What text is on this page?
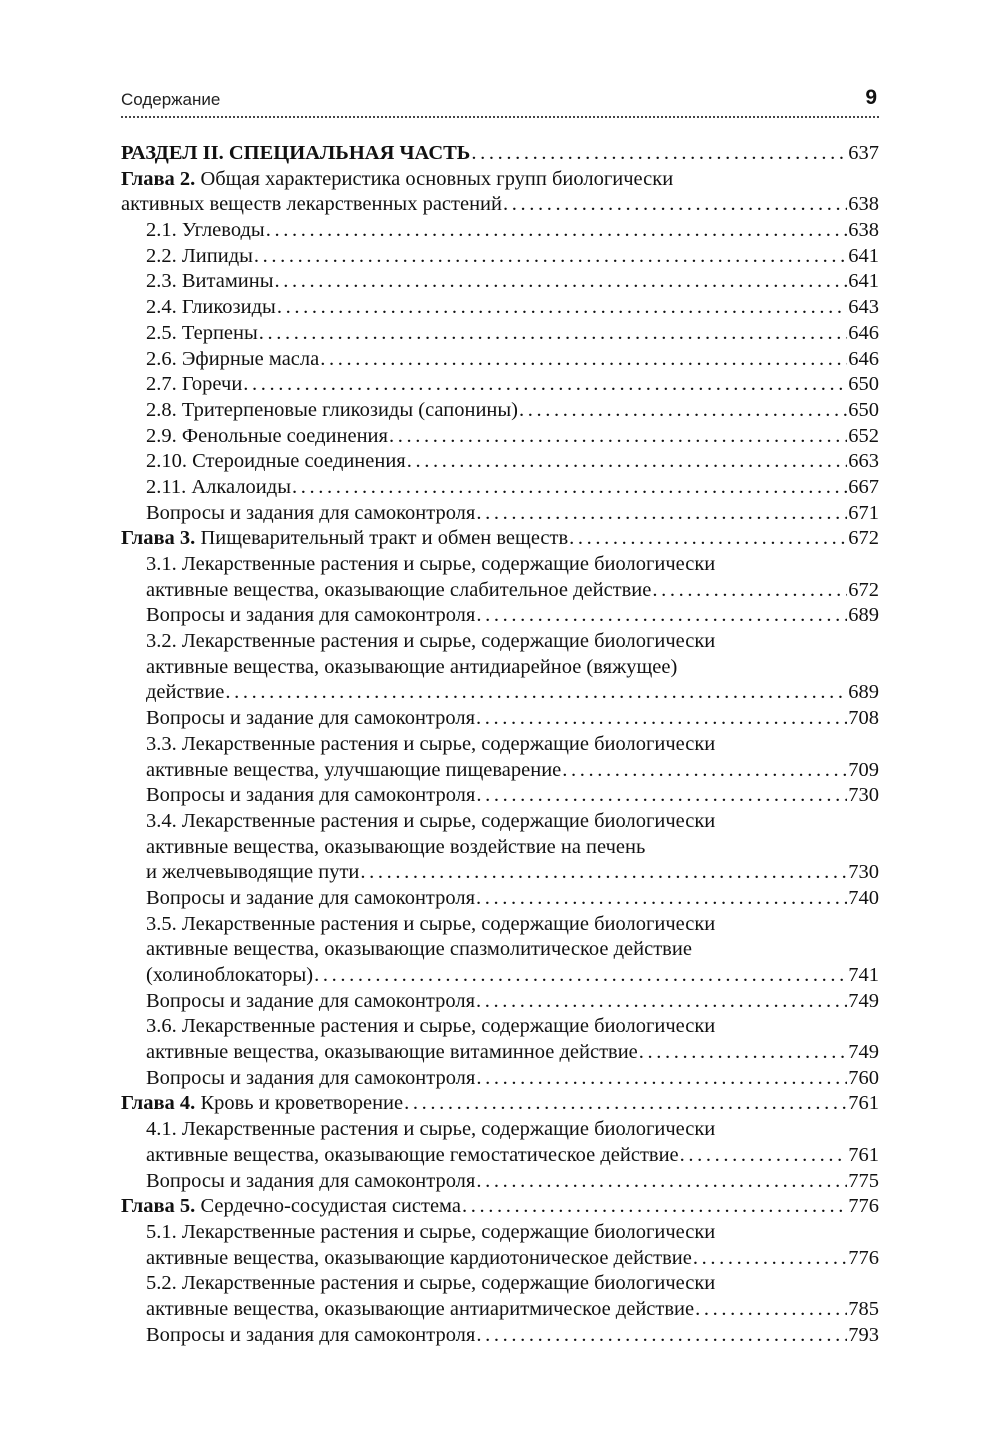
Содержание	9
РАЗДЕЛ II. СПЕЦИАЛЬНАЯ ЧАСТЬ . . .	637
Глава 2. Общая характеристика основных групп биологически
активных веществ лекарственных растений . . .	638
2.1. Углеводы . . .	638
2.2. Липиды . . .	641
2.3. Витамины . . .	641
2.4. Гликозиды . . .	643
2.5. Терпены . . .	646
2.6. Эфирные масла . . .	646
2.7. Горечи . . .	650
2.8. Тритерпеновые гликозиды (сапонины) . . .	650
2.9. Фенольные соединения . . .	652
2.10. Стероидные соединения . . .	663
2.11. Алкалоиды . . .	667
Вопросы и задания для самоконтроля . . .	671
Глава 3. Пищеварительный тракт и обмен веществ . . .	672
3.1. Лекарственные растения и сырье, содержащие биологически
активные вещества, оказывающие слабительное действие . . .	672
Вопросы и задания для самоконтроля . . .	689
3.2. Лекарственные растения и сырье, содержащие биологически
активные вещества, оказывающие антидиарейное (вяжущее)
действие . . .	689
Вопросы и задание для самоконтроля . . .	708
3.3. Лекарственные растения и сырье, содержащие биологически
активные вещества, улучшающие пищеварение . . .	709
Вопросы и задания для самоконтроля . . .	730
3.4. Лекарственные растения и сырье, содержащие биологически
активные вещества, оказывающие воздействие на печень
и желчевыводящие пути . . .	730
Вопросы и задание для самоконтроля . . .	740
3.5. Лекарственные растения и сырье, содержащие биологически
активные вещества, оказывающие спазмолитическое действие
(холиноблокаторы) . . .	741
Вопросы и задание для самоконтроля . . .	749
3.6. Лекарственные растения и сырье, содержащие биологически
активные вещества, оказывающие витаминное действие . . .	749
Вопросы и задания для самоконтроля . . .	760
Глава 4. Кровь и кроветворение . . .	761
4.1. Лекарственные растения и сырье, содержащие биологически
активные вещества, оказывающие гемостатическое действие . . .	761
Вопросы и задания для самоконтроля . . .	775
Глава 5. Сердечно-сосудистая система . . .	776
5.1. Лекарственные растения и сырье, содержащие биологически
активные вещества, оказывающие кардиотоническое действие . . .	776
5.2. Лекарственные растения и сырье, содержащие биологически
активные вещества, оказывающие антиаритмическое действие . . .	785
Вопросы и задания для самоконтроля . . .	793
